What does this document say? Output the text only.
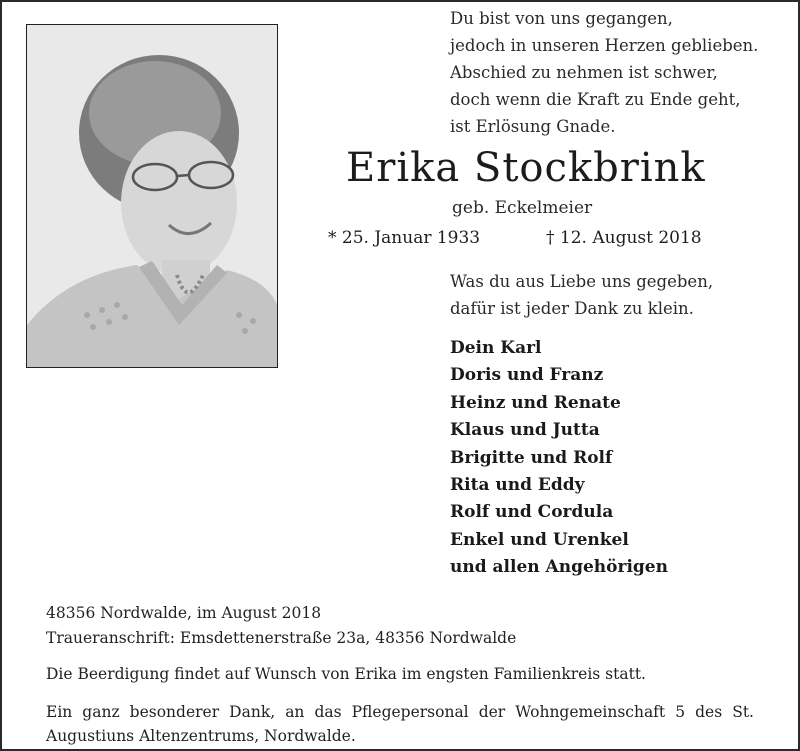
Du bist von uns gegangen,
jedoch in unseren Herzen geblieben.
Abschied zu nehmen ist schwer,
doch wenn die Kraft zu Ende geht,
ist Erlösung Gnade.
Erika Stockbrink
geb. Eckelmeier
* 25. Januar 1933	† 12. August 2018
Was du aus Liebe uns gegeben,
dafür ist jeder Dank zu klein.
Dein Karl
Doris und Franz
Heinz und Renate
Klaus und Jutta
Brigitte und Rolf
Rita und Eddy
Rolf und Cordula
Enkel und Urenkel
und allen Angehörigen
48356 Nordwalde, im August 2018
Traueranschrift: Emsdettenerstraße 23a, 48356 Nordwalde
Die Beerdigung findet auf Wunsch von Erika im engsten Familienkreis statt.
Ein ganz besonderer Dank, an das Pflegepersonal der Wohngemeinschaft 5 des St. Augustiuns Altenzentrums, Nordwalde.
